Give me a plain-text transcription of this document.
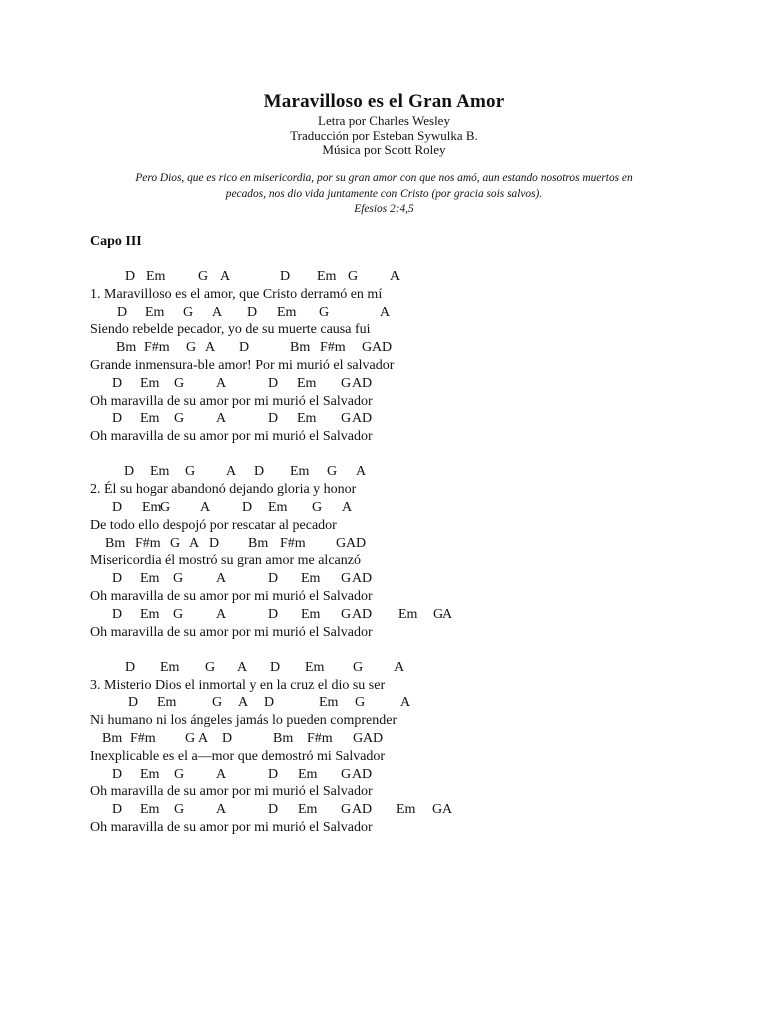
Maravilloso es el Gran Amor
Letra por Charles Wesley
Traducción por Esteban Sywulka B.
Música por Scott Roley
Pero Dios, que es rico en misericordia, por su gran amor con que nos amó, aun estando nosotros muertos en
pecados, nos dio vida juntamente con Cristo (por gracia sois salvos).
Efesios 2:4,5
Capo III
D Em G A	D Em G A
1. Maravilloso es el amor, que Cristo derramó en mí
D Em G A D Em G	A
Siendo rebelde pecador, yo de su muerte causa fui
Bm F#m G A D	Bm F#m G A D
Grande inmensura-ble amor! Por mi murió el salvador
D Em G A	D Em G A D
Oh maravilla de su amor por mi murió el Salvador
D Em G A	D Em G A D
Oh maravilla de su amor por mi murió el Salvador
D Em G A D Em G A
2. Él su hogar abandonó dejando gloria y honor
D Em
G A D Em G A
De todo ello despojó por rescatar al pecador
Bm F#m G A D Bm F#m G A D
Misericordia él mostró su gran amor me alcanzó
D Em G A	D Em G A D
Oh maravilla de su amor por mi murió el Salvador
D Em G A	D Em G A D Em G
A
Oh maravilla de su amor por mi murió el Salvador
D Em G A D Em G A
3. Misterio Dios el inmortal y en la cruz el dio su ser
D Em	G A D	Em G A
Ni humano ni los ángeles jamás lo pueden comprender
Bm F#m G A D	Bm F#m G A D
Inexplicable es el a—mor que demostró mi Salvador
D Em G A	D Em G A D
Oh maravilla de su amor por mi murió el Salvador
D Em G A	D Em G A D Em G A
Oh maravilla de su amor por mi murió el Salvador
